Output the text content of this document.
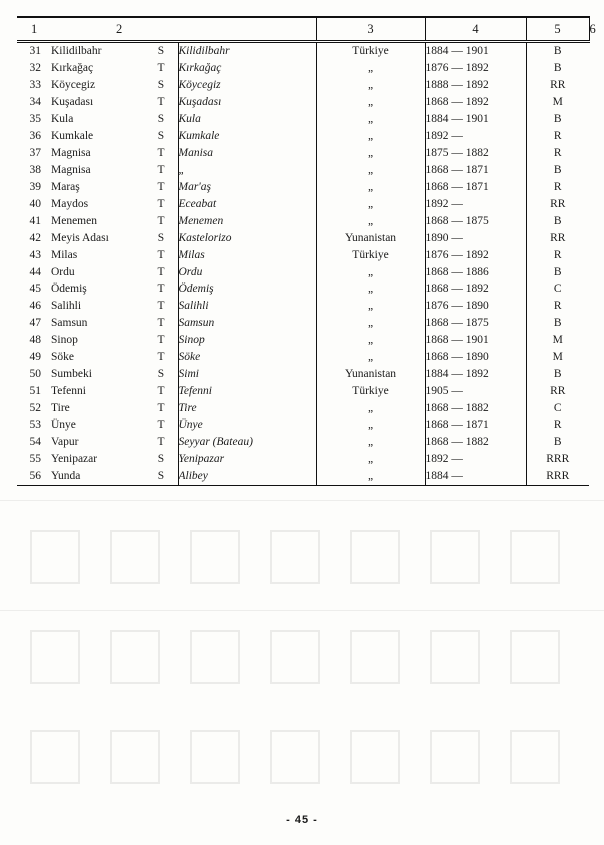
1	2	3	4	5	6
31 Kilidilbahr	S	Kilidilbahr	Türkiye	1884 — 1901	B
32 Kırkağaç	T	Kırkağaç	„	1876 — 1892	B
33 Köycegiz	S	Köycegiz	„	1888 — 1892	RR
34 Kuşadası	T	Kuşadası	„	1868 — 1892	M
35 Kula	S	Kula	„	1884 — 1901	B
36 Kumkale	S	Kumkale	„	1892 —	R
37 Magnisa	T	Manisa	„	1875 — 1882	R
38 Magnisa	T	„	„	1868 — 1871	B
39 Maraş	T	Mar'aş	„	1868 — 1871	R
40 Maydos	T	Eceabat	„	1892 —	RR
41 Menemen	T	Menemen	„	1868 — 1875	B
42 Meyis Adası	S	Kastelorizo	Yunanistan	1890 —	RR
43 Milas	T	Milas	Türkiye	1876 — 1892	R
44 Ordu	T	Ordu	„	1868 — 1886	B
45 Ödemiş	T	Ödemiş	„	1868 — 1892	C
46 Salihli	T	Salihli	„	1876 — 1890	R
47 Samsun	T	Samsun	„	1868 — 1875	B
48 Sinop	T	Sinop	„	1868 — 1901	M
49 Söke	T	Söke	„	1868 — 1890	M
50 Sumbeki	S	Simi	Yunanistan	1884 — 1892	B
51 Tefenni	T	Tefenni	Türkiye	1905 —	RR
52 Tire	T	Tire	„	1868 — 1882	C
53 Ünye	T	Ünye	„	1868 — 1871	R
54 Vapur	T	Seyyar (Bateau)	„	1868 — 1882	B
55 Yenipazar	S	Yenipazar	„	1892 —	RRR
56 Yunda	S	Alibey	„	1884 —	RRR
- 45 -
